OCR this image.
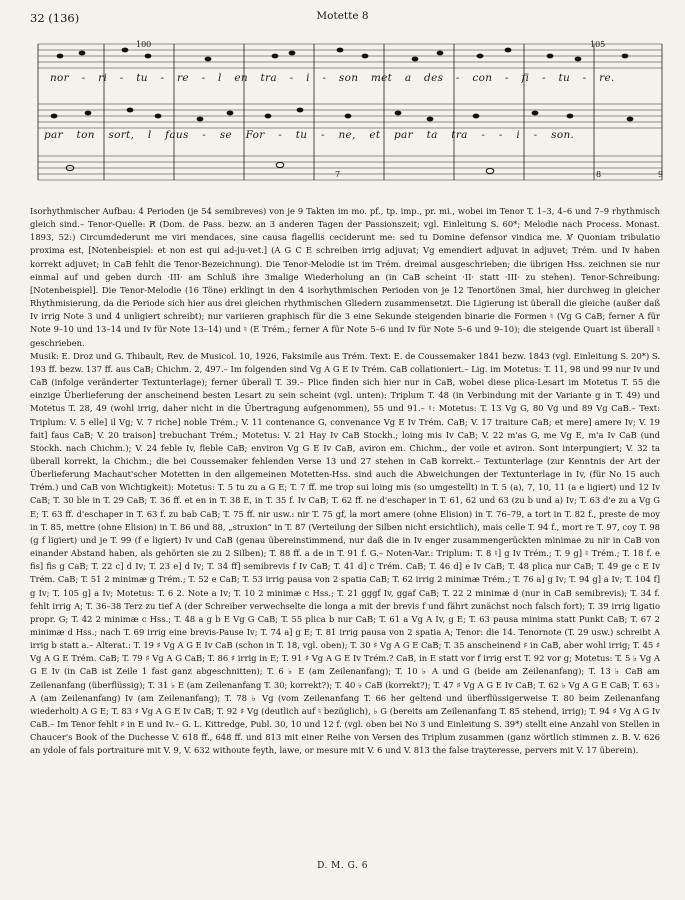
32 (136)	Motette 8
100	105
7	8	9
nor - ri - tu - re - l en tra - i - son met a des - con - fi - tu - re.
par ton sort, l faus - se For - tu - ne, et par ta tra - - i - son.

Isorhythmischer Aufbau: 4 Perioden (je 54 semibreves) von je 9 Takten im mo. pf., tp. imp., pr. mi., wobei im Tenor T. 1–3, 4–6 und 7–9 rhythmisch gleich sind.– Tenor-Quelle: R̸ (Dom. de Pass. bezw. an 3 anderen Tagen der Passionszeit; vgl. Einleitung S. 60*; Melodie nach Process. Monast. 1893, 52:) Circumdederunt me viri mendaces, sine causa flagellis ceciderunt me: sed tu Domine defensor vindica me. V̸ Quoniam tribulatio proxima est, [Notenbeispiel: et non est qui ad-ju-vet.] (A G C E schreiben irrig adjuvat; Vg emendiert adjuvat in adjuvet; Trém. und Iv haben korrekt adjuvet; in CaB fehlt die Tenor-Bezeichnung). Die Tenor-Melodie ist im Trém. dreimal ausgeschrieben; die übrigen Hss. zeichnen sie nur einmal auf und geben durch ·III· am Schluß ihre 3malige Wiederholung an (in CaB scheint ·II· statt ·III· zu stehen). Tenor-Schreibung: [Notenbeispiel]. Die Tenor-Melodie (16 Töne) erklingt in den 4 isorhythmischen Perioden von je 12 Tenortönen 3mal, hier durchweg in gleicher Rhythmisierung, da die Periode sich hier aus drei gleichen rhythmischen Gliedern zusammensetzt. Die Ligierung ist überall die gleiche (außer daß Iv irrig Note 3 und 4 unligiert schreibt); nur variieren graphisch für die 3 eine Sekunde steigenden binarie die Formen ♮ (Vg G CaB; ferner A für Note 9–10 und 13–14 und Iv für Note 13–14) und ♮ (E Trém.; ferner A für Note 5–6 und Iv für Note 5–6 und 9–10); die steigende Quart ist überall ♮ geschrieben.

Musik: E. Droz und G. Thibault, Rev. de Musicol. 10, 1926, Faksimile aus Trém. Text: E. de Coussemaker 1841 bezw. 1843 (vgl. Einleitung S. 20*) S. 193 ff. bezw. 137 ff. aus CaB; Chichm. 2, 497.– Im folgenden sind Vg A G E Iv Trém. CaB collationiert.– Lig. im Motetus: T. 11, 98 und 99 nur Iv und CaB (infolge veränderter Textunterlage); ferner überall T. 39.– Plice finden sich hier nur in CaB, wobei diese plica-Lesart im Motetus T. 55 die einzige Überlieferung der anscheinend besten Lesart zu sein scheint (vgl. unten): Triplum T. 48 (in Verbindung mit der Variante g in T. 49) und Motetus T. 28, 49 (wohl irrig, daher nicht in die Übertragung aufgenommen), 55 und 91.– ♮: Motetus: T. 13 Vg G, 80 Vg und 89 Vg CaB.– Text: Triplum: V. 5 elle] il Vg; V. 7 riche] noble Trém.; V. 11 contenance G, convenance Vg E Iv Trém. CaB; V. 17 traiture CaB; et mere] amere Iv; V. 19 fait] faus CaB; V. 20 traison] trebuchant Trém.; Motetus: V. 21 Hay Iv CaB Stockh.; loing mis Iv CaB; V. 22 m'as G, me Vg E, m'a Iv CaB (und Stockh. nach Chichm.); V. 24 feble Iv, fleble CaB; environ Vg G E Iv CaB, aviron em. Chichm., der voile et aviron. Sont interpungiert; V. 32 ta überall korrekt, la Chichm.; die bei Coussemaker fehlenden Verse 13 und 27 stehen in CaB korrekt.– Textunterlage (zur Kenntnis der Art der Überlieferung Machaut'scher Motetten in den allgemeinen Motetten-Hss. sind auch die Abweichungen der Textunterlage in Iv, (für No 15 auch Trém.) und CaB von Wichtigkeit): Motetus: T. 5 tu zu a G E; T. 7 ff. me trop sui loing mis (so umgestellt) in T. 5 (a), 7, 10, 11 (a e ligiert) und 12 Iv CaB; T. 30 ble in T. 29 CaB; T. 36 ff. et en in T. 38 E, in T. 35 f. Iv CaB; T. 62 ff. ne d'eschaper in T. 61, 62 und 63 (zu b und a) Iv; T. 63 d'e zu a Vg G E; T. 63 ff. d'eschaper in T. 63 f. zu bab CaB; T. 75 ff. nir usw.: nir T. 75 gf, la mort amere (ohne Elision) in T. 76–79, a tort in T. 82 f., preste de moy in T. 85, mettre (ohne Elision) in T. 86 und 88, „struxion“ in T. 87 (Verteilung der Silben nicht ersichtlich), mais celle T. 94 f., mort re T. 97, coy T. 98 (g f ligiert) und je T. 99 (f e ligiert) Iv und CaB (genau übereinstimmend, nur daß die in Iv enger zusammengerückten minimae zu nir in CaB von einander Abstand haben, als gehörten sie zu 2 Silben); T. 88 ff. a de in T. 91 f. G.– Noten-Var.: Triplum: T. 8 ♮] g Iv Trém.; T. 9 g] ♮ Trém.; T. 18 f. e fis] fis g CaB; T. 22 c] d Iv; T. 23 e] d Iv; T. 34 ff] semibrevis f Iv CaB; T. 41 d] c Trém. CaB; T. 46 d] e Iv CaB; T. 48 plica nur CaB; T. 49 ge c E Iv Trém. CaB; T. 51 2 minimæ g Trém.; T. 52 e CaB; T. 53 irrig pausa von 2 spatia CaB; T. 62 irrig 2 minimæ Trém.; T. 76 a] g Iv; T. 94 g] a Iv; T. 104 f] g Iv; T. 105 g] a Iv; Motetus: T. 6 2. Note a Iv; T. 10 2 minimæ c Hss.; T. 21 gggf Iv, ggaf CaB; T. 22 2 minimæ d (nur in CaB semibrevis); T. 34 f. fehlt irrig A; T. 36–38 Terz zu tief A (der Schreiber verwechselte die longa a mit der brevis f und fährt zunächst noch falsch fort); T. 39 irrig ligatio propr. G; T. 42 2 minimæ c Hss.; T. 48 a g b E Vg G CaB; T. 55 plica b nur CaB; T. 61 a Vg A Iv, g E; T. 63 pausa minima statt Punkt CaB; T. 67 2 minimæ d Hss.; nach T. 69 irrig eine brevis-Pause Iv; T. 74 a] g E; T. 81 irrig pausa von 2 spatia A; Tenor: die 14. Tenornote (T. 29 usw.) schreibt A irrig b statt a.– Alterat.: T. 19 ♯ Vg A G E Iv CaB (schon in T. 18, vgl. oben); T. 30 ♯ Vg A G E CaB; T. 35 anscheinend ♯ in CaB, aber wohl irrig; T. 45 ♯ Vg A G E Trém. CaB; T. 79 ♯ Vg A G CaB; T. 86 ♯ irrig in E; T. 91 ♯ Vg A G E Iv Trém.? CaB, in E statt vor f irrig erst T. 92 vor g; Motetus: T. 5 ♭ Vg A G E Iv (in CaB ist Zeile 1 fast ganz abgeschnitten); T. 6 ♭ E (am Zeilenanfang); T. 10 ♭ A und G (beide am Zeilenanfang); T. 13 ♭ CaB am Zeilenanfang (überflüssig); T. 31 ♭ E (am Zeilenanfang T. 30; korrekt?); T. 40 ♭ CaB (korrekt?); T. 47 ♯ Vg A G E Iv CaB; T. 62 ♭ Vg A G E CaB; T. 63 ♭ A (am Zeilenanfang) Iv (am Zeilenanfang); T. 78 ♭ Vg (vom Zeilenanfang T. 66 her geltend und überflüssigerweise T. 80 beim Zeilenanfang wiederholt) A G E; T. 83 ♯ Vg A G E Iv CaB; T. 92 ♯ Vg (deutlich auf ♮ bezüglich), ♭ G (bereits am Zeilenanfang T. 85 stehend, irrig); T. 94 ♯ Vg A G Iv CaB.– Im Tenor fehlt ♯ in E und Iv.– G. L. Kittredge, Publ. 30, 10 und 12 f. (vgl. oben bei No 3 und Einleitung S. 39*) stellt eine Anzahl von Stellen in Chaucer's Book of the Duchesse V. 618 ff., 648 ff. und 813 mit einer Reihe von Versen des Triplum zusammen (ganz wörtlich stimmen z. B. V. 626 an ydole of fals portraiture mit V. 9, V. 632 withoute feyth, lawe, or mesure mit V. 6 und V. 813 the false trayteresse, pervers mit V. 17 überein).

D. M. G. 6
